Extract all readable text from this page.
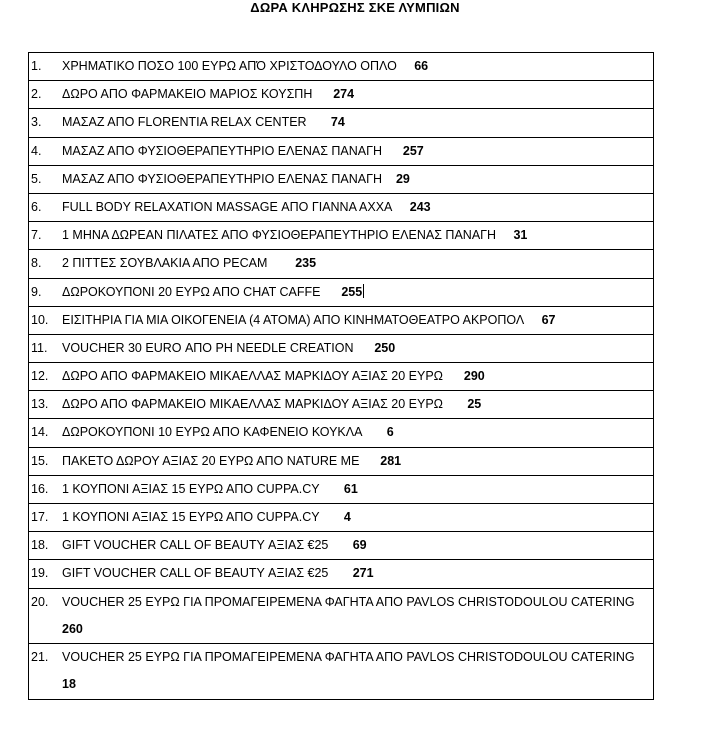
ΔΩΡΑ ΚΛΗΡΩΣΗΣ ΣΚΕ ΛΥΜΠΙΩΝ
1.	ΧΡΗΜΑΤΙΚΟ ΠΟΣΟ 100 ΕΥΡΩ ΑΠΌ ΧΡΙΣΤΟΔΟΥΛΟ ΟΠΛΟ 66

2.	ΔΩΡΟ ΑΠΟ ΦΑΡΜΑΚΕΙΟ ΜΑΡΙΟΣ ΚΟΥΣΠΗ 274

3.	ΜΑΣΑΖ ΑΠΟ FLORENTIA RELAX CENTER 74

4.	ΜΑΣΑΖ ΑΠΟ ΦΥΣΙΟΘΕΡΑΠΕΥΤΗΡΙΟ ΕΛΕΝΑΣ ΠΑΝΑΓΗ 257

5.	ΜΑΣΑΖ ΑΠΟ ΦΥΣΙΟΘΕΡΑΠΕΥΤΗΡΙΟ ΕΛΕΝΑΣ ΠΑΝΑΓΗ 29

6.	FULL BODY RELAXATION MASSAGE ΑΠΟ ΓΙΑΝΝΑ ΑΧΧΑ 243

7.	1 ΜΗΝΑ ΔΩΡΕΑΝ ΠΙΛΑΤΕΣ ΑΠΟ ΦΥΣΙΟΘΕΡΑΠΕΥΤΗΡΙΟ ΕΛΕΝΑΣ ΠΑΝΑΓΗ 31

8.	2 ΠΙΤΤΕΣ ΣΟΥΒΛΑΚΙΑ ΑΠΟ PECAM 235

9.	ΔΩΡΟΚΟΥΠΟΝΙ 20 ΕΥΡΩ ΑΠΟ CHAT CAFFE 255

10.	ΕΙΣΙΤΗΡΙΑ ΓΙΑ ΜΙΑ ΟΙΚΟΓΕΝΕΙΑ (4 ΑΤΟΜΑ) ΑΠΟ ΚΙΝΗΜΑΤΟΘΕΑΤΡΟ ΑΚΡΟΠΟΛ 67

11.	VOUCHER 30 EURO ΑΠΟ PH NEEDLE CREATION 250

12.	ΔΩΡΟ ΑΠΟ ΦΑΡΜΑΚΕΙΟ ΜΙΚΑΕΛΛΑΣ ΜΑΡΚΙΔΟΥ ΑΞΙΑΣ 20 ΕΥΡΩ 290

13.	ΔΩΡΟ ΑΠΟ ΦΑΡΜΑΚΕΙΟ ΜΙΚΑΕΛΛΑΣ ΜΑΡΚΙΔΟΥ ΑΞΙΑΣ 20 ΕΥΡΩ 25

14.	ΔΩΡΟΚΟΥΠΟΝΙ 10 ΕΥΡΩ ΑΠΟ ΚΑΦΕΝΕΙΟ ΚΟΥΚΛΑ 6

15.	ΠΑΚΕΤΟ ΔΩΡΟΥ ΑΞΙΑΣ 20 ΕΥΡΩ ΑΠΟ NATURE ME 281

16.	1 ΚΟΥΠΟΝΙ ΑΞΙΑΣ 15 ΕΥΡΩ ΑΠΟ CUPPA.CY 61

17.	1 ΚΟΥΠΟΝΙ ΑΞΙΑΣ 15 ΕΥΡΩ ΑΠΟ CUPPA.CY 4

18.	GIFT VOUCHER CALL OF BEAUTY ΑΞΙΑΣ €25 69

19.	GIFT VOUCHER CALL OF BEAUTY ΑΞΙΑΣ €25 271

20.	VOUCHER 25 ΕΥΡΩ ΓΙΑ ΠΡΟΜΑΓΕΙΡΕΜΕΝΑ ΦΑΓΗΤΑ ΑΠΟ PAVLOS CHRISTODOULOU CATERING
260

21.	VOUCHER 25 ΕΥΡΩ ΓΙΑ ΠΡΟΜΑΓΕΙΡΕΜΕΝΑ ΦΑΓΗΤΑ ΑΠΟ PAVLOS CHRISTODOULOU CATERING
18
